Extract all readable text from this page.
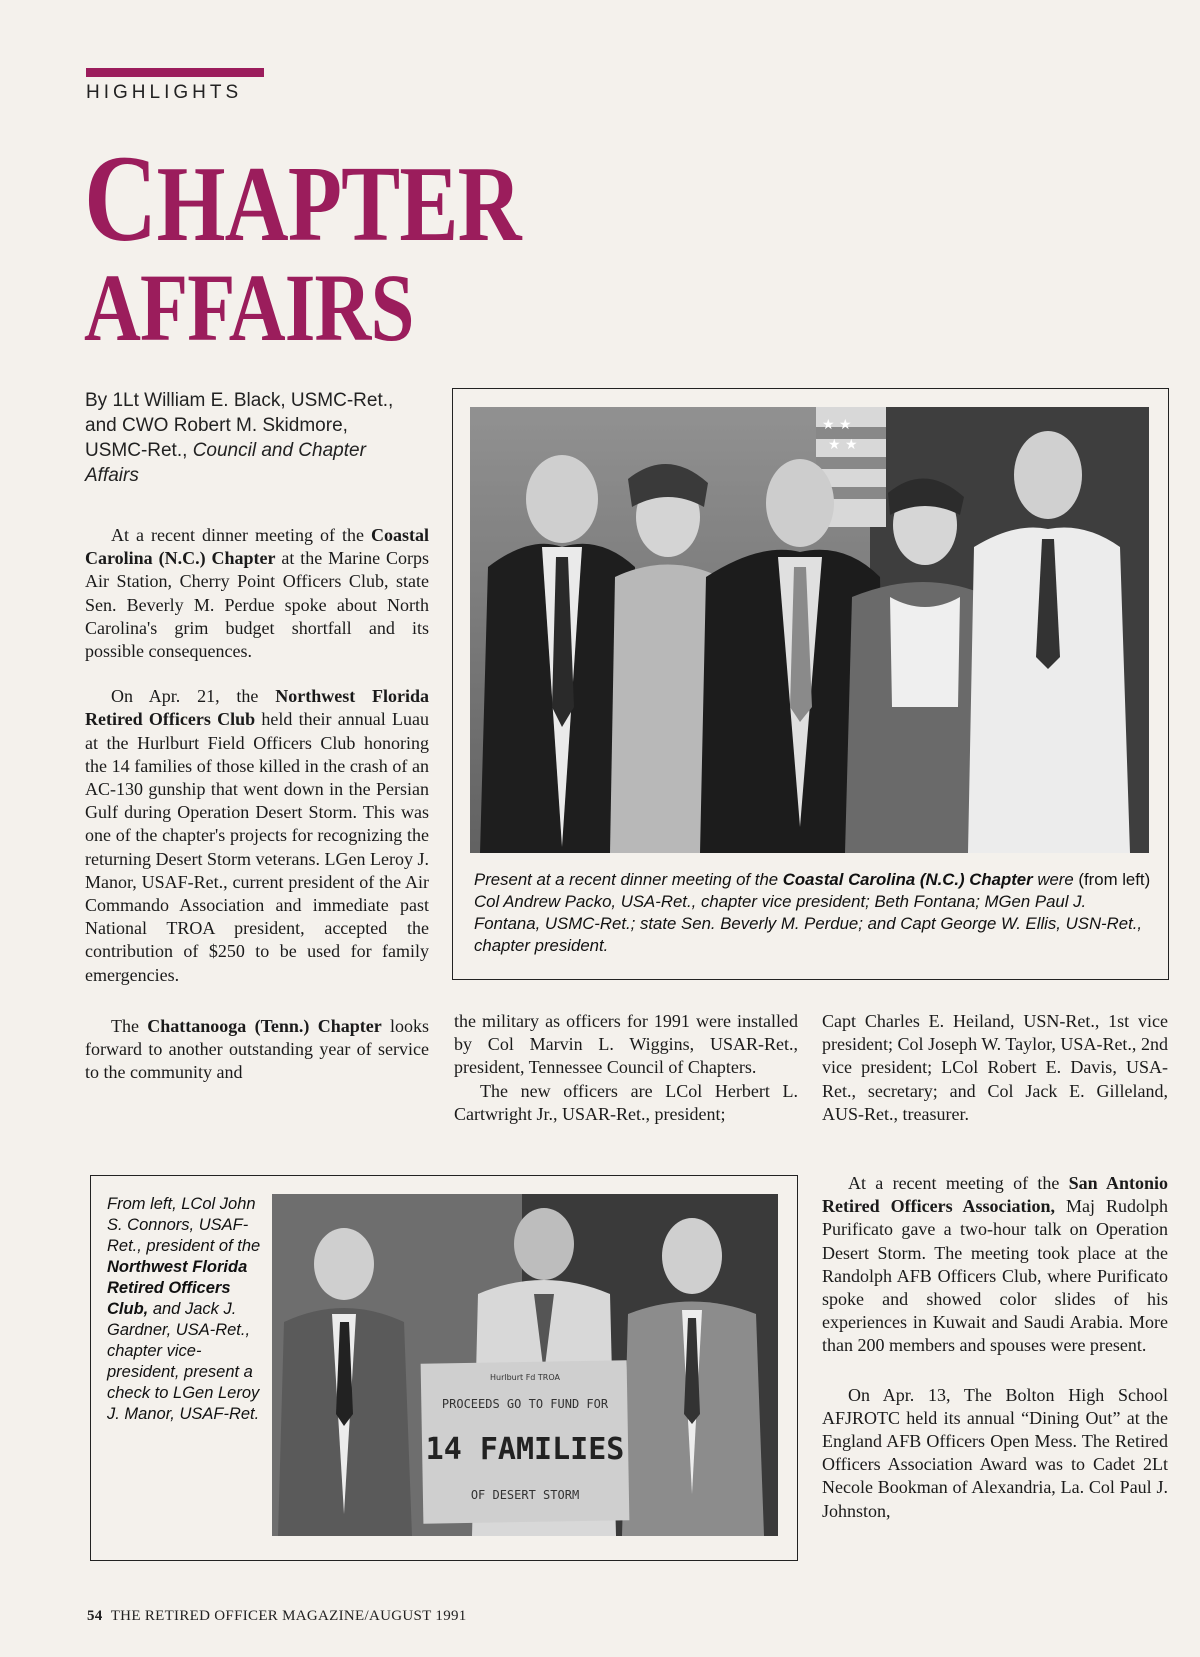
HIGHLIGHTS
CHAPTER
AFFAIRS
By 1Lt William E. Black, USMC-Ret., and CWO Robert M. Skidmore, USMC-Ret., Council and Chapter Affairs

At a recent dinner meeting of the Coastal Carolina (N.C.) Chapter at the Marine Corps Air Station, Cherry Point Officers Club, state Sen. Beverly M. Perdue spoke about North Carolina's grim budget shortfall and its possible consequences.

On Apr. 21, the Northwest Florida Retired Officers Club held their annual Luau at the Hurlburt Field Officers Club honoring the 14 families of those killed in the crash of an AC-130 gunship that went down in the Persian Gulf during Operation Desert Storm. This was one of the chapter's projects for recognizing the returning Desert Storm veterans. LGen Leroy J. Manor, USAF-Ret., current president of the Air Commando Association and immediate past National TROA president, accepted the contribution of $250 to be used for family emergencies.

The Chattanooga (Tenn.) Chapter looks forward to another outstanding year of service to the community and

★ ★
★ ★
Present at a recent dinner meeting of the Coastal Carolina (N.C.) Chapter were (from left) Col Andrew Packo, USA-Ret., chapter vice president; Beth Fontana; MGen Paul J. Fontana, USMC-Ret.; state Sen. Beverly M. Perdue; and Capt George W. Ellis, USN-Ret., chapter president.

the military as officers for 1991 were installed by Col Marvin L. Wiggins, USAR-Ret., president, Tennessee Council of Chapters.

The new officers are LCol Herbert L. Cartwright Jr., USAR-Ret., president;

Capt Charles E. Heiland, USN-Ret., 1st vice president; Col Joseph W. Taylor, USA-Ret., 2nd vice president; LCol Robert E. Davis, USA-Ret., secretary; and Col Jack E. Gilleland, AUS-Ret., treasurer.

At a recent meeting of the San Antonio Retired Officers Association, Maj Rudolph Purificato gave a two-hour talk on Operation Desert Storm. The meeting took place at the Randolph AFB Officers Club, where Purificato spoke and showed color slides of his experiences in Kuwait and Saudi Arabia. More than 200 members and spouses were present.

On Apr. 13, The Bolton High School AFJROTC held its annual “Dining Out” at the England AFB Officers Open Mess. The Retired Officers Association Award was to Cadet 2Lt Necole Bookman of Alexandria, La. Col Paul J. Johnston,

Hurlburt Fd TROA
PROCEEDS GO TO FUND FOR
14 FAMILIES
OF DESERT STORM
From left, LCol John S. Connors, USAF-Ret., president of the Northwest Florida Retired Officers Club, and Jack J. Gardner, USA-Ret., chapter vice-president, present a check to LGen Leroy J. Manor, USAF-Ret.
54 THE RETIRED OFFICER MAGAZINE/AUGUST 1991
